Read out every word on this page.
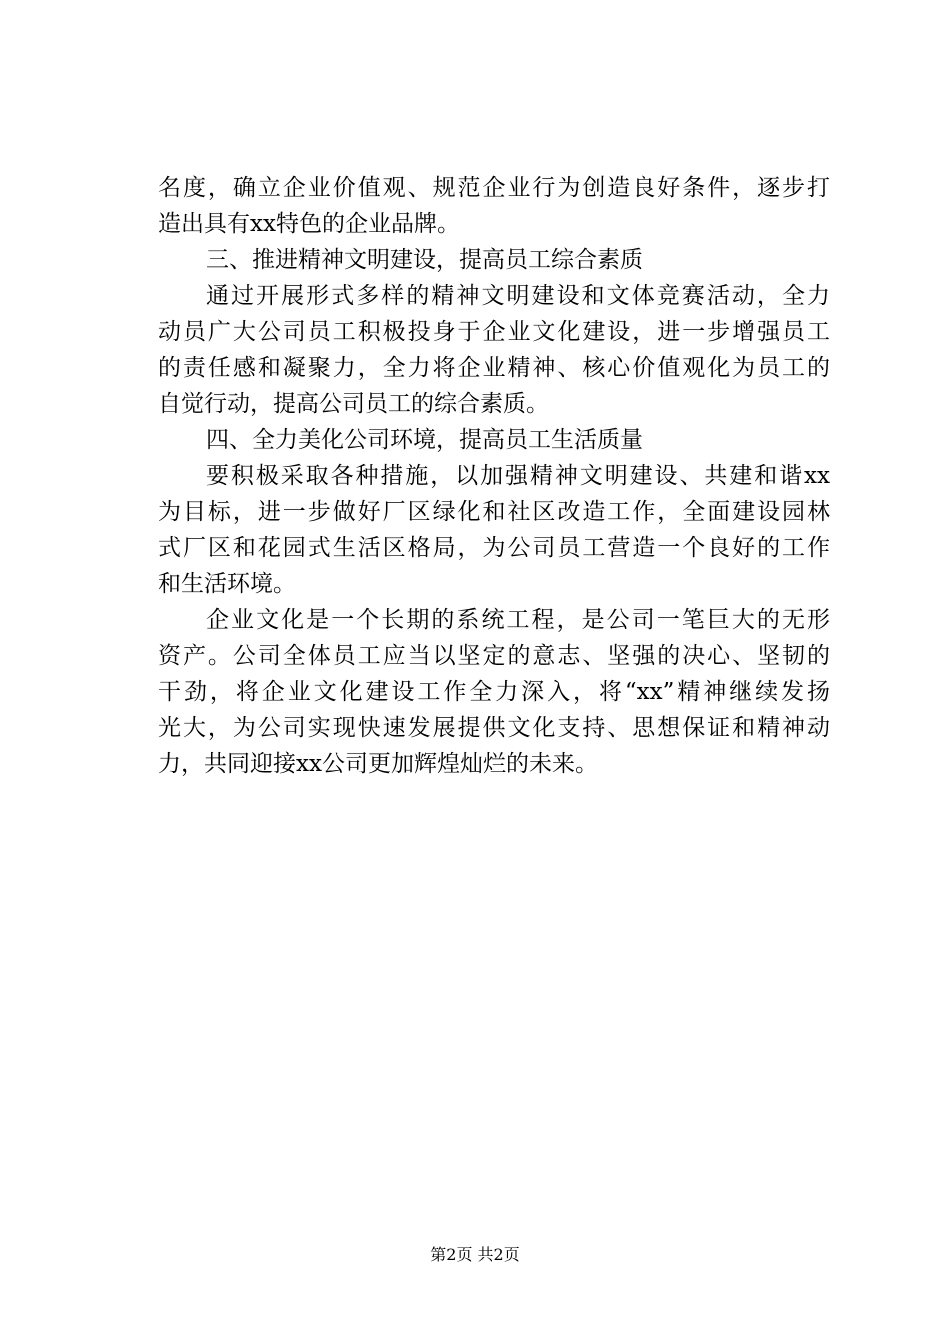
名度，确立企业价值观、规范企业行为创造良好条件，逐步打
造出具有xx特色的企业品牌。
三、推进精神文明建设，提高员工综合素质
通过开展形式多样的精神文明建设和文体竞赛活动，全力
动员广大公司员工积极投身于企业文化建设，进一步增强员工
的责任感和凝聚力，全力将企业精神、核心价值观化为员工的
自觉行动，提高公司员工的综合素质。
四、全力美化公司环境，提高员工生活质量
要积极采取各种措施，以加强精神文明建设、共建和谐xx
为目标，进一步做好厂区绿化和社区改造工作，全面建设园林
式厂区和花园式生活区格局，为公司员工营造一个良好的工作
和生活环境。
企业文化是一个长期的系统工程，是公司一笔巨大的无形
资产。公司全体员工应当以坚定的意志、坚强的决心、坚韧的
干劲，将企业文化建设工作全力深入，将“xx”精神继续发扬
光大，为公司实现快速发展提供文化支持、思想保证和精神动
力，共同迎接xx公司更加辉煌灿烂的未来。
第2页 共2页
